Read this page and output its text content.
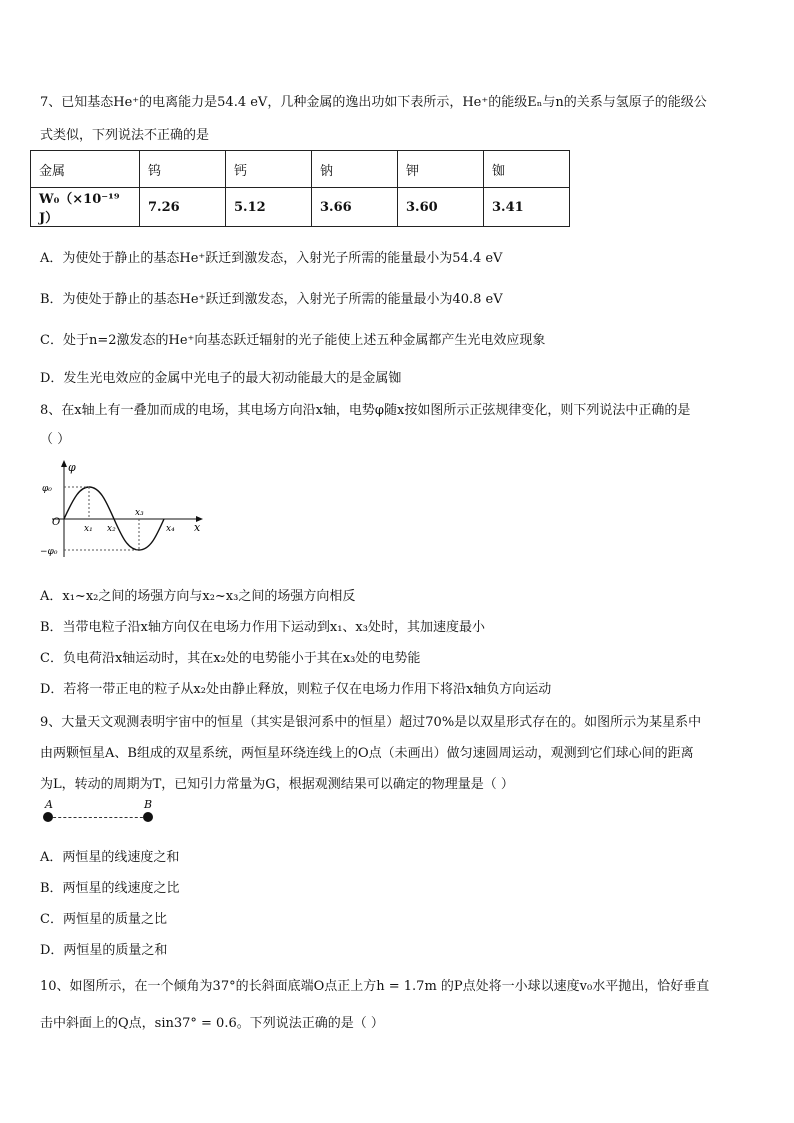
7、已知基态He⁺的电离能力是54.4 eV，几种金属的逸出功如下表所示，He⁺的能级Eₙ与n的关系与氢原子的能级公
式类似，下列说法不正确的是
金属	钨	钙	钠	钾	铷
W₀（×10⁻¹⁹ J）	7.26	5.12	3.66	3.60	3.41
A．为使处于静止的基态He⁺跃迁到激发态，入射光子所需的能量最小为54.4 eV
B．为使处于静止的基态He⁺跃迁到激发态，入射光子所需的能量最小为40.8 eV
C．处于n=2激发态的He⁺向基态跃迁辐射的光子能使上述五种金属都产生光电效应现象
D．发生光电效应的金属中光电子的最大初动能最大的是金属铷
8、在x轴上有一叠加而成的电场，其电场方向沿x轴，电势φ随x按如图所示正弦规律变化，则下列说法中正确的是
（ ）
φ
x
O
φ₀
−φ₀
x₁ x₂
x₃
x₄
A．x₁~x₂之间的场强方向与x₂~x₃之间的场强方向相反
B．当带电粒子沿x轴方向仅在电场力作用下运动到x₁、x₃处时，其加速度最小
C．负电荷沿x轴运动时，其在x₂处的电势能小于其在x₃处的电势能
D．若将一带正电的粒子从x₂处由静止释放，则粒子仅在电场力作用下将沿x轴负方向运动
9、大量天文观测表明宇宙中的恒星（其实是银河系中的恒星）超过70%是以双星形式存在的。如图所示为某星系中
由两颗恒星A、B组成的双星系统，两恒星环绕连线上的O点（未画出）做匀速圆周运动，观测到它们球心间的距离
为L，转动的周期为T，已知引力常量为G，根据观测结果可以确定的物理量是（ ）
A	B
A．两恒星的线速度之和
B．两恒星的线速度之比
C．两恒星的质量之比
D．两恒星的质量之和
10、如图所示，在一个倾角为37°的长斜面底端O点正上方h = 1.7m 的P点处将一小球以速度v₀水平抛出，恰好垂直
击中斜面上的Q点，sin37° = 0.6。下列说法正确的是（ ）
